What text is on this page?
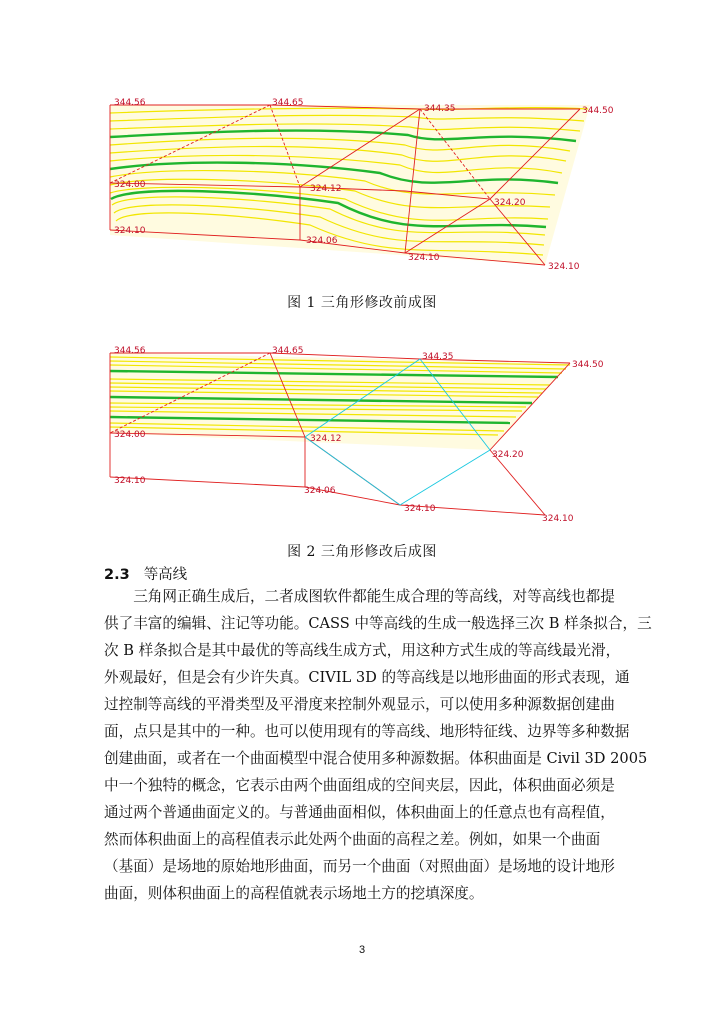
344.56	344.65
344.35	344.50
324.00	324.12
324.20
324.10
324.06
324.10
324.10
图 1 三角形修改前成图
344.56	344.65
344.35
344.50
324.00	324.12
324.20
324.10
324.06
324.10
324.10
图 2 三角形修改后成图
2.3 等高线
　　三角网正确生成后，二者成图软件都能生成合理的等高线，对等高线也都提
供了丰富的编辑、注记等功能。CASS 中等高线的生成一般选择三次 B 样条拟合，三
次 B 样条拟合是其中最优的等高线生成方式，用这种方式生成的等高线最光滑，
外观最好，但是会有少许失真。CIVIL 3D 的等高线是以地形曲面的形式表现，通
过控制等高线的平滑类型及平滑度来控制外观显示，可以使用多种源数据创建曲
面，点只是其中的一种。也可以使用现有的等高线、地形特征线、边界等多种数据
创建曲面，或者在一个曲面模型中混合使用多种源数据。体积曲面是 Civil 3D 2005
中一个独特的概念，它表示由两个曲面组成的空间夹层，因此，体积曲面必须是
通过两个普通曲面定义的。与普通曲面相似，体积曲面上的任意点也有高程值，
然而体积曲面上的高程值表示此处两个曲面的高程之差。例如，如果一个曲面
（基面）是场地的原始地形曲面，而另一个曲面（对照曲面）是场地的设计地形
曲面，则体积曲面上的高程值就表示场地土方的挖填深度。
3
